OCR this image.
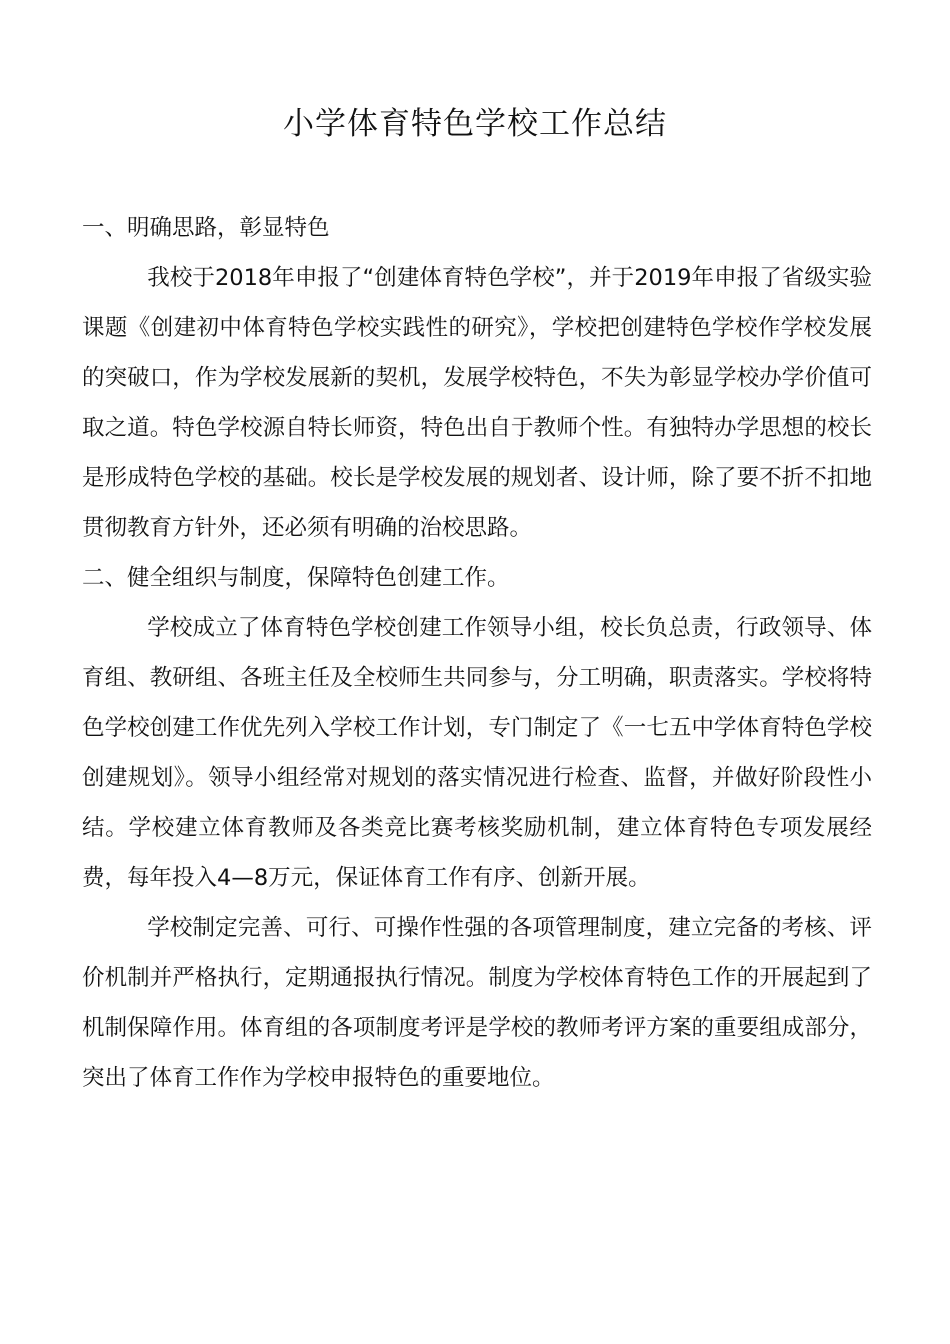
小学体育特色学校工作总结
一、明确思路，彰显特色

我校于2018年申报了“创建体育特色学校”，并于2019年申报了省级实验课题《创建初中体育特色学校实践性的研究》，学校把创建特色学校作学校发展的突破口，作为学校发展新的契机，发展学校特色，不失为彰显学校办学价值可取之道。特色学校源自特长师资，特色出自于教师个性。有独特办学思想的校长是形成特色学校的基础。校长是学校发展的规划者、设计师，除了要不折不扣地贯彻教育方针外，还必须有明确的治校思路。

二、健全组织与制度，保障特色创建工作。

学校成立了体育特色学校创建工作领导小组，校长负总责，行政领导、体育组、教研组、各班主任及全校师生共同参与，分工明确，职责落实。学校将特色学校创建工作优先列入学校工作计划，专门制定了《一七五中学体育特色学校创建规划》。领导小组经常对规划的落实情况进行检查、监督，并做好阶段性小结。学校建立体育教师及各类竞比赛考核奖励机制，建立体育特色专项发展经费，每年投入4—8万元，保证体育工作有序、创新开展。

学校制定完善、可行、可操作性强的各项管理制度，建立完备的考核、评价机制并严格执行，定期通报执行情况。制度为学校体育特色工作的开展起到了机制保障作用。体育组的各项制度考评是学校的教师考评方案的重要组成部分，突出了体育工作作为学校申报特色的重要地位。
